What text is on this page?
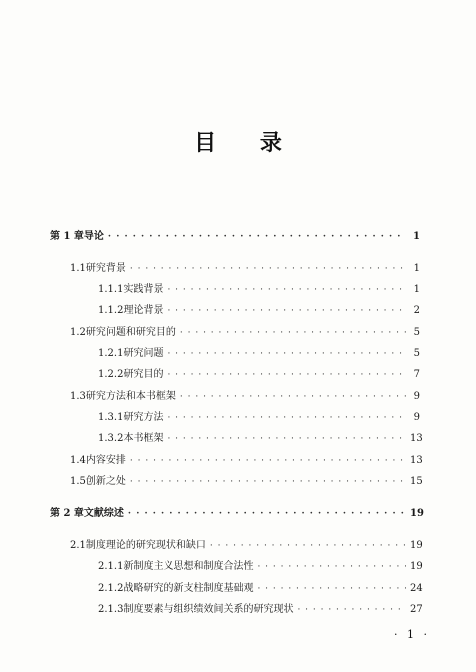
目 录
第 1 章 导论 · · ·	1
1.1 研究背景 · · ·	1
1.1.1 实践背景 · · ·	1
1.1.2 理论背景 · · ·	2
1.2 研究问题和研究目的 · · ·	5
1.2.1 研究问题 · · ·	5
1.2.2 研究目的 · · ·	7
1.3 研究方法和本书框架 · · ·	9
1.3.1 研究方法 · · ·	9
1.3.2 本书框架 · · ·	13
1.4 内容安排 · · ·	13
1.5 创新之处 · · ·	15
第 2 章 文献综述 · · ·	19
2.1 制度理论的研究现状和缺口 · · ·	19
2.1.1 新制度主义思想和制度合法性 · · ·	19
2.1.2 战略研究的新支柱制度基础观 · · ·	24
2.1.3 制度要素与组织绩效间关系的研究现状 · · ·	27
· 1 ·
